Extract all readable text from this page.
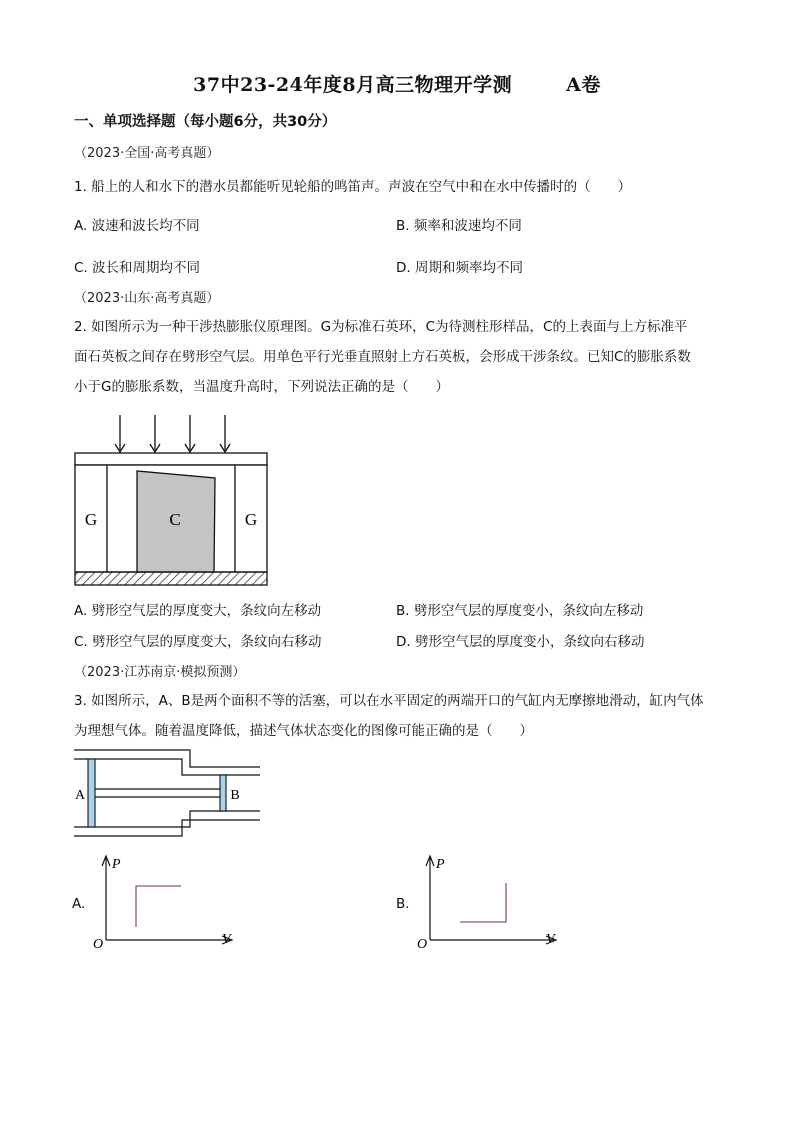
37中23-24年度8月高三物理开学测	A卷
一、单项选择题（每小题6分，共30分）
（2023·全国·高考真题）
1. 船上的人和水下的潜水员都能听见轮船的鸣笛声。声波在空气中和在水中传播时的（　　）
A. 波速和波长均不同	B. 频率和波速均不同
C. 波长和周期均不同	D. 周期和频率均不同
（2023·山东·高考真题）
2. 如图所示为一种干涉热膨胀仪原理图。G为标准石英环，C为待测柱形样品，C的上表面与上方标准平
面石英板之间存在劈形空气层。用单色平行光垂直照射上方石英板，会形成干涉条纹。已知C的膨胀系数
小于G的膨胀系数，当温度升高时，下列说法正确的是（　　）
G	C	G
A. 劈形空气层的厚度变大，条纹向左移动	B. 劈形空气层的厚度变小，条纹向左移动
C. 劈形空气层的厚度变大，条纹向右移动	D. 劈形空气层的厚度变小，条纹向右移动
（2023·江苏南京·模拟预测）
3. 如图所示，A、B是两个面积不等的活塞，可以在水平固定的两端开口的气缸内无摩擦地滑动，缸内气体
为理想气体。随着温度降低，描述气体状态变化的图像可能正确的是（　　）
A	B
A.
P
V
O
B.
P
V
O
